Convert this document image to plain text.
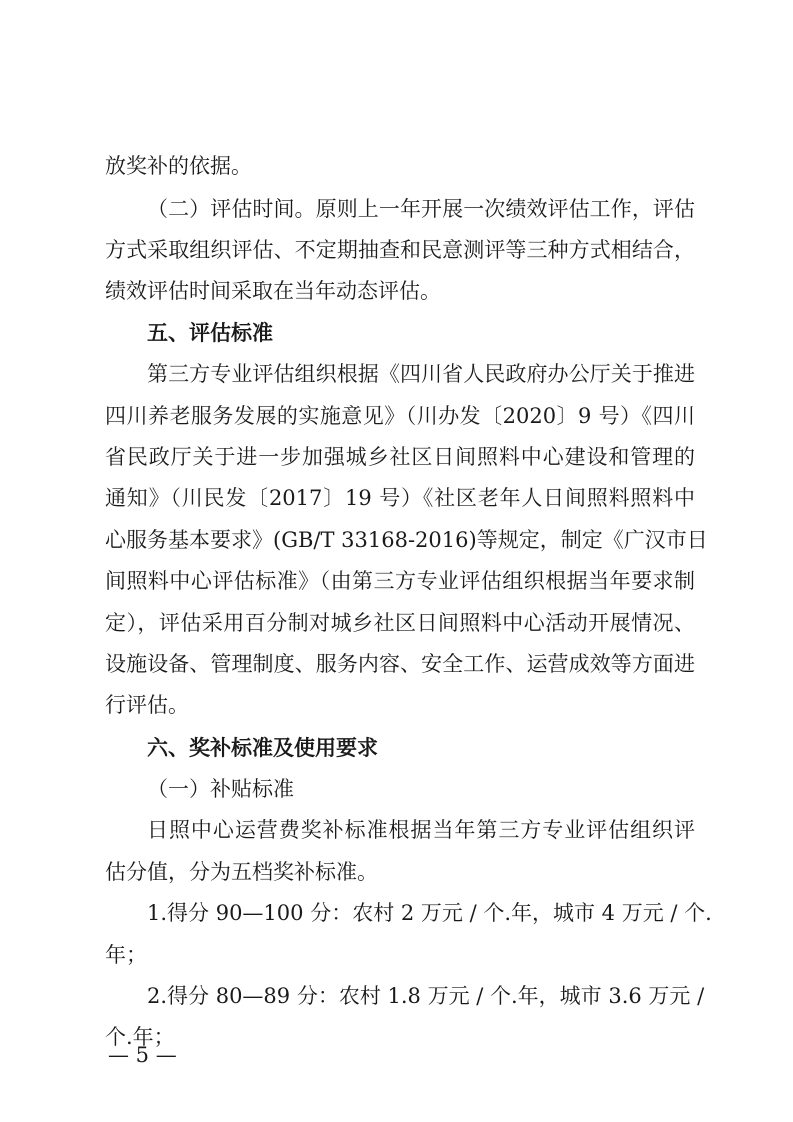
放奖补的依据。
（二）评估时间。原则上一年开展一次绩效评估工作，评估
方式采取组织评估、不定期抽查和民意测评等三种方式相结合，
绩效评估时间采取在当年动态评估。
五、评估标准
第三方专业评估组织根据《四川省人民政府办公厅关于推进
四川养老服务发展的实施意见》（川办发〔2020〕9 号）《四川
省民政厅关于进一步加强城乡社区日间照料中心建设和管理的
通知》（川民发〔2017〕19 号）《社区老年人日间照料照料中
心服务基本要求》(GB/T 33168-2016)等规定，制定《广汉市日
间照料中心评估标准》（由第三方专业评估组织根据当年要求制
定），评估采用百分制对城乡社区日间照料中心活动开展情况、
设施设备、管理制度、服务内容、安全工作、运营成效等方面进
行评估。
六、奖补标准及使用要求
（一）补贴标准
日照中心运营费奖补标准根据当年第三方专业评估组织评
估分值，分为五档奖补标准。
1.得分 90—100 分：农村 2 万元 / 个.年，城市 4 万元 / 个.
年；
2.得分 80—89 分：农村 1.8 万元 / 个.年，城市 3.6 万元 /
个.年；
— 5 —
